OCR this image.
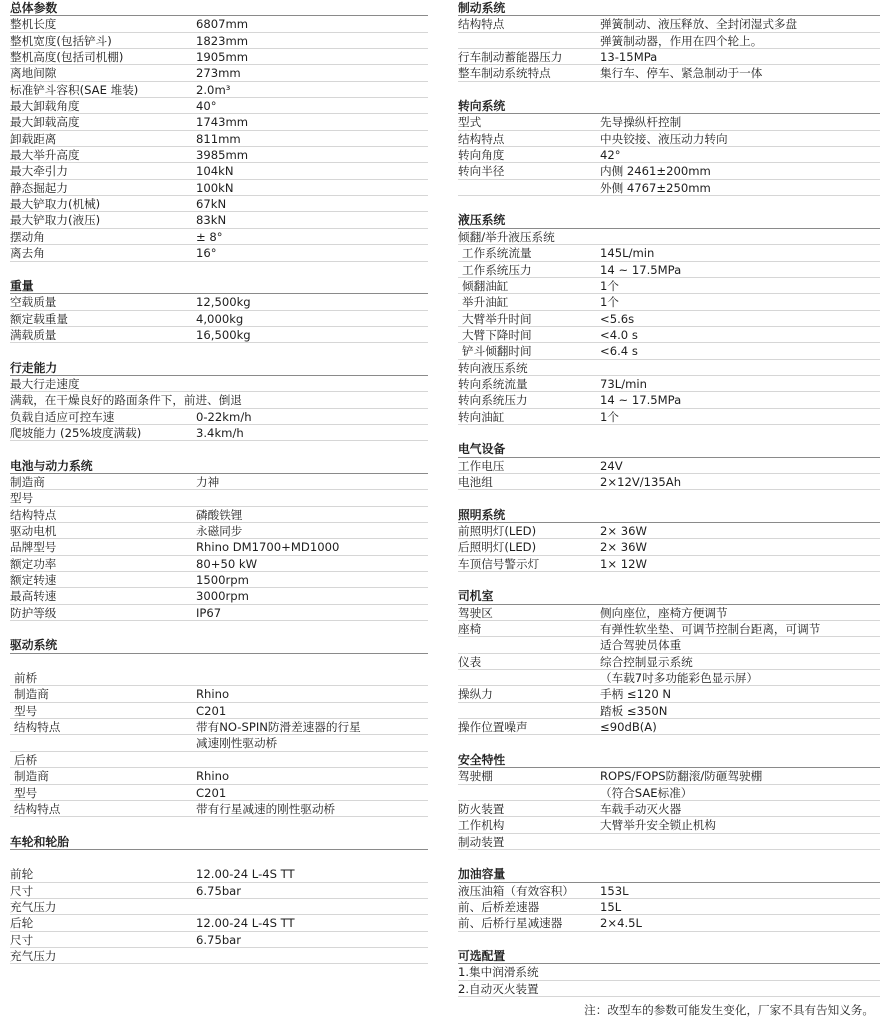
总体参数
整机长度	6807mm
整机宽度(包括铲斗)	1823mm
整机高度(包括司机棚)	1905mm
离地间隙	273mm
标准铲斗容积(SAE 堆装)	2.0m³
最大卸载角度	40°
最大卸载高度	1743mm
卸载距离	811mm
最大举升高度	3985mm
最大牵引力	104kN
静态掘起力	100kN
最大铲取力(机械)	67kN
最大铲取力(液压)	83kN
摆动角	± 8°
离去角	16°
重量
空载质量	12,500kg
额定载重量	4,000kg
满载质量	16,500kg
行走能力
最大行走速度
满载，在干燥良好的路面条件下，前进、倒退
负载自适应可控车速	0-22km/h
爬坡能力 (25%坡度满载)	3.4km/h
电池与动力系统
制造商	力神
型号
结构特点	磷酸铁锂
驱动电机	永磁同步
品牌型号	Rhino DM1700+MD1000
额定功率	80+50 kW
额定转速	1500rpm
最高转速	3000rpm
防护等级	IP67
驱动系统
前桥
制造商	Rhino
型号	C201
结构特点	带有NO-SPIN防滑差速器的行星
减速刚性驱动桥
后桥
制造商	Rhino
型号	C201
结构特点	带有行星减速的刚性驱动桥
车轮和轮胎
前轮	12.00-24 L-4S TT
尺寸	6.75bar
充气压力
后轮	12.00-24 L-4S TT
尺寸	6.75bar
充气压力
制动系统
结构特点	弹簧制动、液压释放、全封闭湿式多盘
弹簧制动器，作用在四个轮上。
行车制动蓄能器压力	13-15MPa
整车制动系统特点	集行车、停车、紧急制动于一体
转向系统
型式	先导操纵杆控制
结构特点	中央铰接、液压动力转向
转向角度	42°
转向半径	内侧 2461±200mm
外侧 4767±250mm
液压系统
倾翻/举升液压系统
工作系统流量	145L/min
工作系统压力	14 ~ 17.5MPa
倾翻油缸	1个
举升油缸	1个
大臂举升时间	<5.6s
大臂下降时间	<4.0 s
铲斗倾翻时间	<6.4 s
转向液压系统
转向系统流量	73L/min
转向系统压力	14 ~ 17.5MPa
转向油缸	1个
电气设备
工作电压	24V
电池组	2×12V/135Ah
照明系统
前照明灯(LED)	2× 36W
后照明灯(LED)	2× 36W
车顶信号警示灯	1× 12W
司机室
驾驶区	侧向座位，座椅方便调节
座椅	有弹性软坐垫、可调节控制台距离，可调节
适合驾驶员体重
仪表	综合控制显示系统
（车载7吋多功能彩色显示屏）
操纵力	手柄 ≤120 N
踏板 ≤350N
操作位置噪声	≤90dB(A)
安全特性
驾驶棚	ROPS/FOPS防翻滚/防砸驾驶棚
（符合SAE标准）
防火装置	车载手动灭火器
工作机构	大臂举升安全锁止机构
制动装置
加油容量
液压油箱（有效容积） 153L
前、后桥差速器	15L
前、后桥行星减速器	2×4.5L
可选配置
1.集中润滑系统
2.自动灭火装置
注：改型车的参数可能发生变化，厂家不具有告知义务。
